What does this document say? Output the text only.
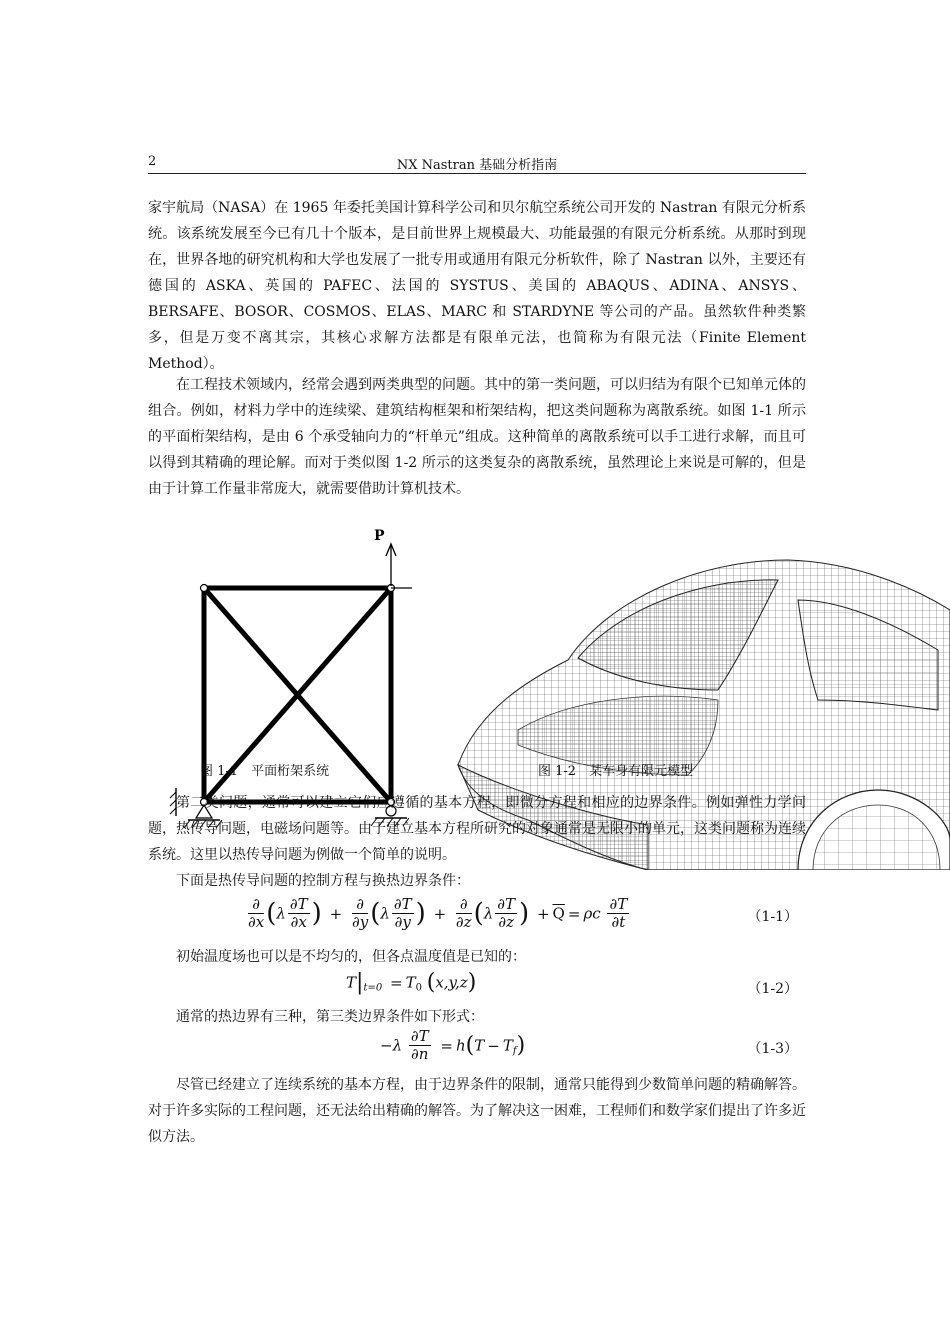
2	NX Nastran 基础分析指南

家宇航局（NASA）在 1965 年委托美国计算科学公司和贝尔航空系统公司开发的 Nastran 有限元分析系统。该系统发展至今已有几十个版本，是目前世界上规模最大、功能最强的有限元分析系统。从那时到现在，世界各地的研究机构和大学也发展了一批专用或通用有限元分析软件，除了 Nastran 以外，主要还有德国的 ASKA、英国的 PAFEC、法国的 SYSTUS、美国的 ABAQUS、ADINA、ANSYS、BERSAFE、BOSOR、COSMOS、ELAS、MARC 和 STARDYNE 等公司的产品。虽然软件种类繁多，但是万变不离其宗，其核心求解方法都是有限单元法，也简称为有限元法（Finite Element Method）。

在工程技术领域内，经常会遇到两类典型的问题。其中的第一类问题，可以归结为有限个已知单元体的组合。例如，材料力学中的连续梁、建筑结构框架和桁架结构，把这类问题称为离散系统。如图 1-1 所示的平面桁架结构，是由 6 个承受轴向力的“杆单元”组成。这种简单的离散系统可以手工进行求解，而且可以得到其精确的理论解。而对于类似图 1-2 所示的这类复杂的离散系统，虽然理论上来说是可解的，但是由于计算工作量非常庞大，就需要借助计算机技术。

P
图 1-1　平面桁架系统	图 1-2　某车身有限元模型

第二类问题，通常可以建立它们应遵循的基本方程，即微分方程和相应的边界条件。例如弹性力学问题，热传导问题，电磁场问题等。由于建立基本方程所研究的对象通常是无限小的单元，这类问题称为连续系统。这里以热传导问题为例做一个简单的说明。

下面是热传导问题的控制方程与换热边界条件：

$\frac{\partial}{\partial x} (\lambda \frac{\partial T}{\partial x}$ ) + $\frac{\partial}{\partial y} (\lambda \frac{\partial T}{\partial y}$ ) + $\frac{\partial}{\partial z} (\lambda \frac{\partial T}{\partial z}$ ) + $\overline{Q} = \rho c \frac{\partial T}{\partial t}$	（1-1）

初始温度场也可以是不均匀的，但各点温度值是已知的：

$T|_{t=0} = T_0$ (x,y,z)	（1-2）

通常的热边界有三种，第三类边界条件如下形式：

$-\lambda \frac{\partial T}{\partial n} = h(T - T_f)$	（1-3）

尽管已经建立了连续系统的基本方程，由于边界条件的限制，通常只能得到少数简单问题的精确解答。对于许多实际的工程问题，还无法给出精确的解答。为了解决这一困难，工程师们和数学家们提出了许多近似方法。
